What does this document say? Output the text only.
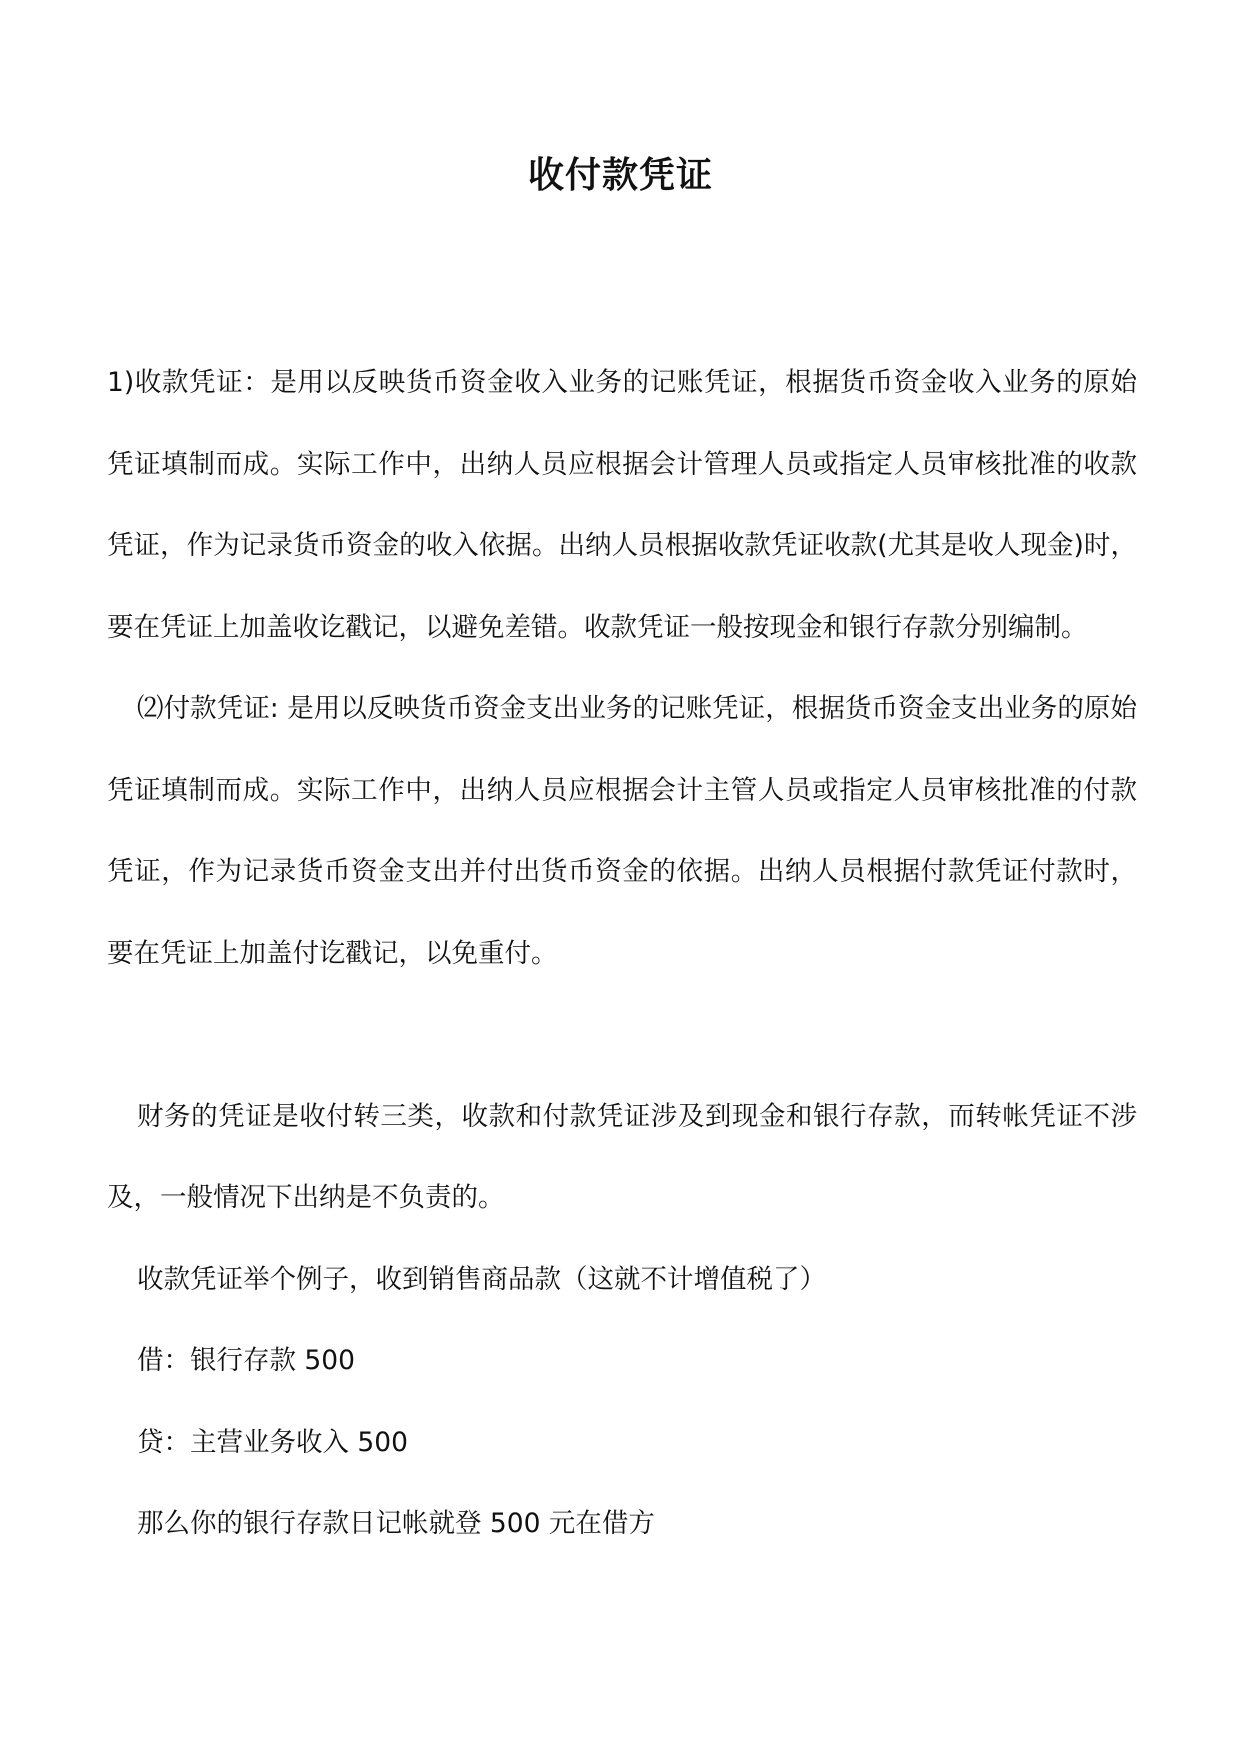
收付款凭证

1)收款凭证：是用以反映货币资金收入业务的记账凭证，根据货币资金收入业务的原始凭证填制而成。实际工作中，出纳人员应根据会计管理人员或指定人员审核批准的收款凭证，作为记录货币资金的收入依据。出纳人员根据收款凭证收款(尤其是收人现金)时，要在凭证上加盖收讫戳记，以避免差错。收款凭证一般按现金和银行存款分别编制。

⑵付款凭证: 是用以反映货币资金支出业务的记账凭证，根据货币资金支出业务的原始凭证填制而成。实际工作中，出纳人员应根据会计主管人员或指定人员审核批准的付款凭证，作为记录货币资金支出并付出货币资金的依据。出纳人员根据付款凭证付款时，要在凭证上加盖付讫戳记，以免重付。

财务的凭证是收付转三类，收款和付款凭证涉及到现金和银行存款，而转帐凭证不涉及，一般情况下出纳是不负责的。

收款凭证举个例子，收到销售商品款（这就不计增值税了）

借：银行存款 500

贷：主营业务收入 500

那么你的银行存款日记帐就登 500 元在借方
